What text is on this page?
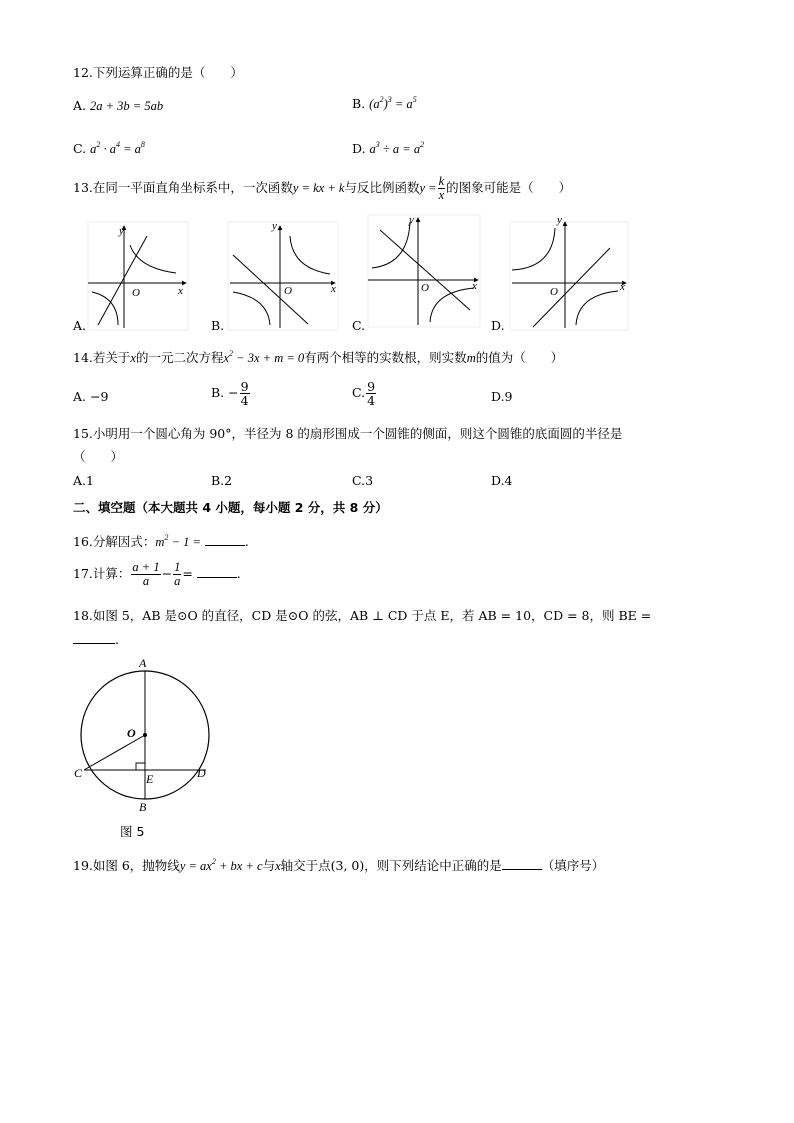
12.下列运算正确的是（　　）
A. 2a + 3b = 5ab	B. $(a^2)^3 = a^5$
C. $a^2 \cdot a^4 = a^8$	D. $a^3 \div a = a^2$
13.在同一平面直角坐标系中，一次函数y = kx + k与反比例函数$y = \frac{k}{x}$ 的图象可能是（　　）
y
x
O
y
x
O
y
x
O
y
x
O
A.	B.	C.	D.
14.若关于x的一元二次方程$x^2 - 3x + m = 0$有两个相等的实数根，则实数m的值为（　　）
A. −9	B. − $\frac{9}{4}$	C. $\frac{9}{4}$	D.9
15.小明用一个圆心角为 90°，半径为 8 的扇形围成一个圆锥的侧面，则这个圆锥的底面圆的半径是
（　　）
A.1	B.2	C.3	D.4
二、填空题（本大题共 4 小题，每小题 2 分，共 8 分）
16.分解因式：$m^2 - 1$ =	.
17.计算： $\frac{a + 1}{a} - \frac{1}{a}$ =	.
18.如图 5，AB 是⊙O 的直径，CD 是⊙O 的弦，AB ⊥ CD 于点 E，若 AB = 10，CD = 8，则 BE =
.
A
O
C	E	D
B
图 5
19.如图 6，抛物线$y = ax^2$ + bx + c与x轴交于点(3, 0)，则下列结论中正确的是	（填序号）
